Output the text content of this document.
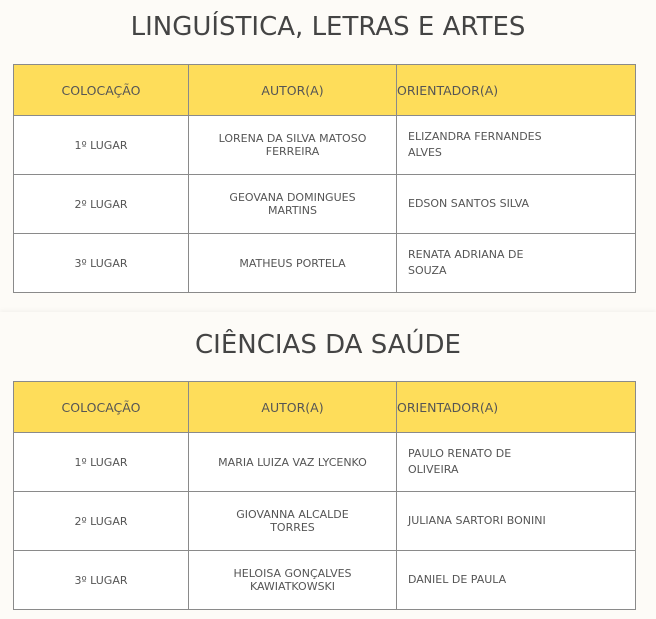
LINGUÍSTICA, LETRAS E ARTES
COLOCAÇÃO	AUTOR(A)	ORIENTADOR(A)
1º LUGAR	LORENA DA SILVA MATOSO FERREIRA	ELIZANDRA FERNANDES ALVES
2º LUGAR	GEOVANA DOMINGUES MARTINS	EDSON SANTOS SILVA
3º LUGAR	MATHEUS PORTELA	RENATA ADRIANA DE SOUZA
CIÊNCIAS DA SAÚDE
COLOCAÇÃO	AUTOR(A)	ORIENTADOR(A)
1º LUGAR	MARIA LUIZA VAZ LYCENKO	PAULO RENATO DE OLIVEIRA
2º LUGAR	GIOVANNA ALCALDE TORRES	JULIANA SARTORI BONINI
3º LUGAR	HELOISA GONÇALVES KAWIATKOWSKI	DANIEL DE PAULA
